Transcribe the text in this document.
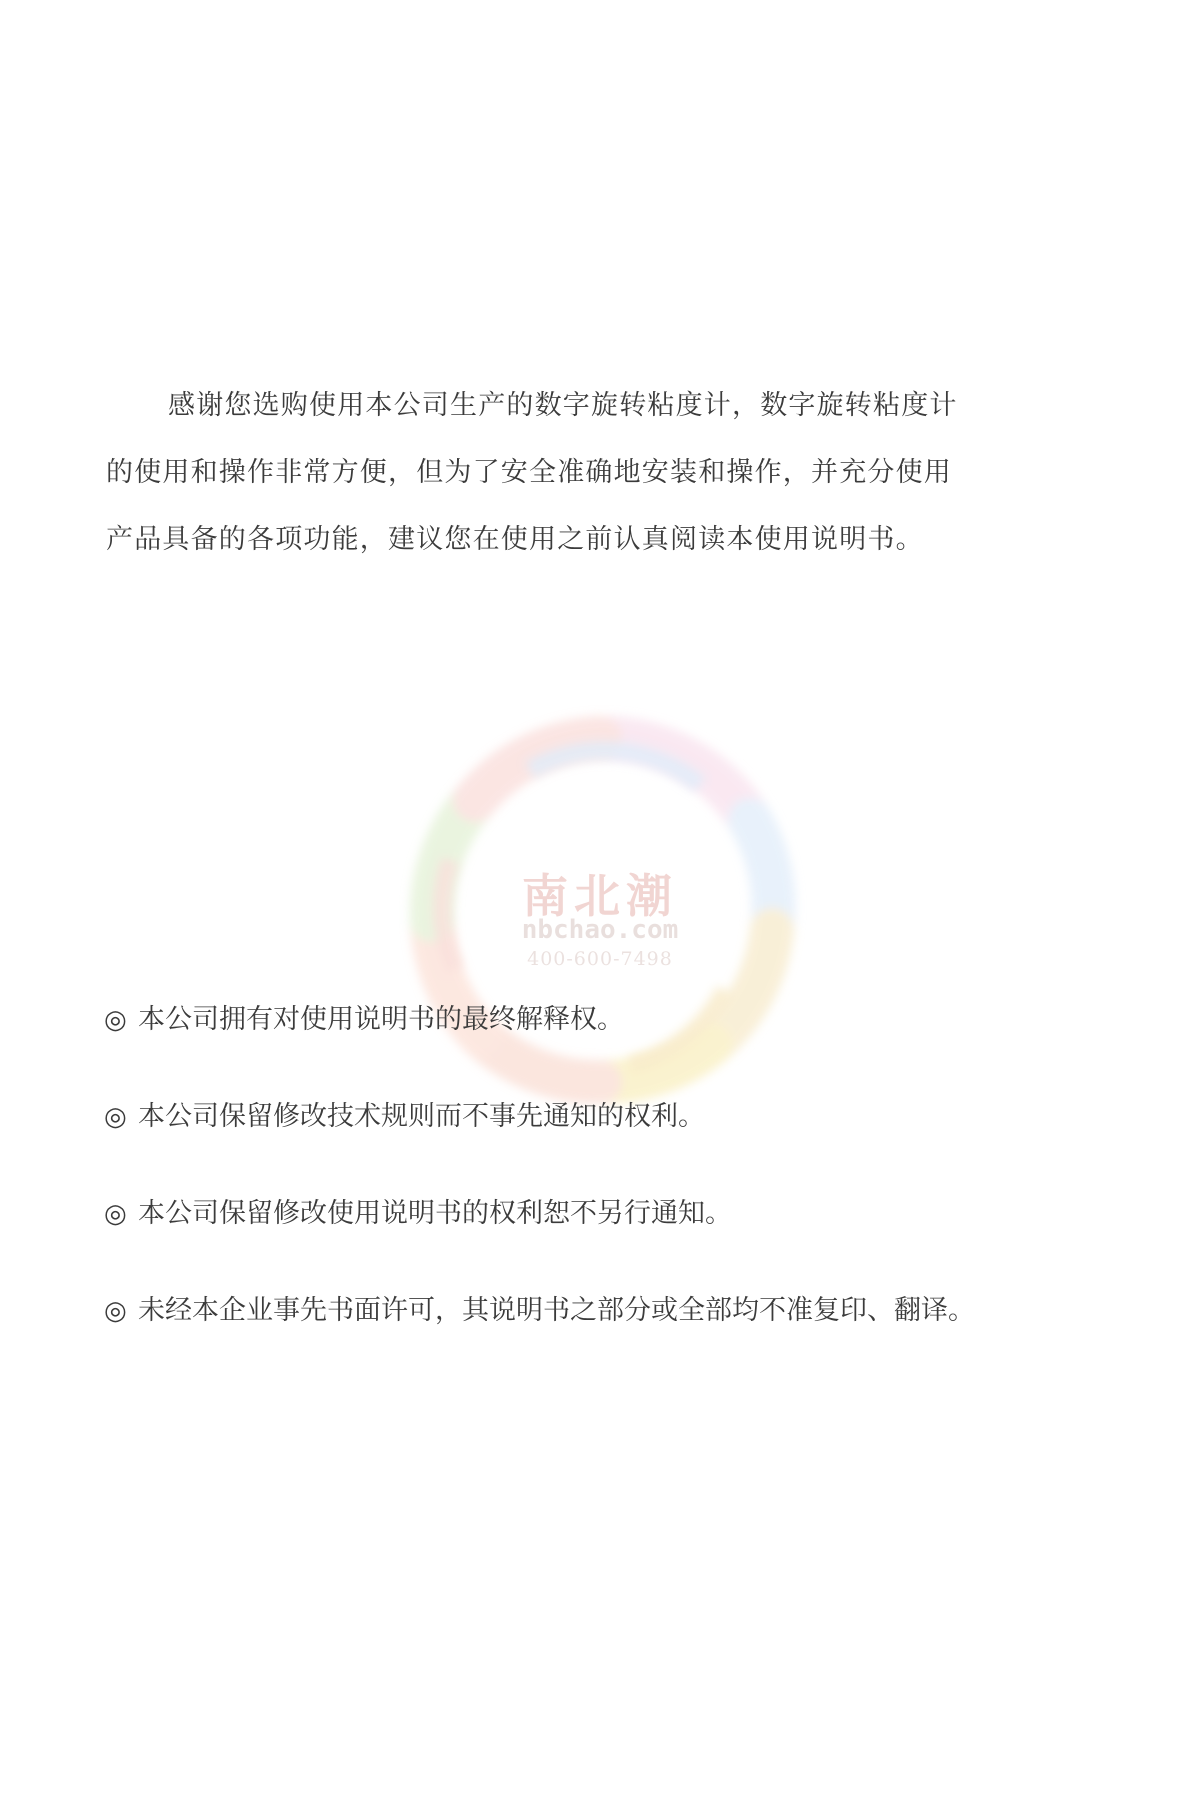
感谢您选购使用本公司生产的数字旋转粘度计，数字旋转粘度计
的使用和操作非常方便，但为了安全准确地安装和操作，并充分使用
产品具备的各项功能，建议您在使用之前认真阅读本使用说明书。

南北潮
nbchao.com
400-600-7498
◎ 本公司拥有对使用说明书的最终解释权。
◎ 本公司保留修改技术规则而不事先通知的权利。
◎ 本公司保留修改使用说明书的权利恕不另行通知。
◎ 未经本企业事先书面许可，其说明书之部分或全部均不准复印、翻译。
